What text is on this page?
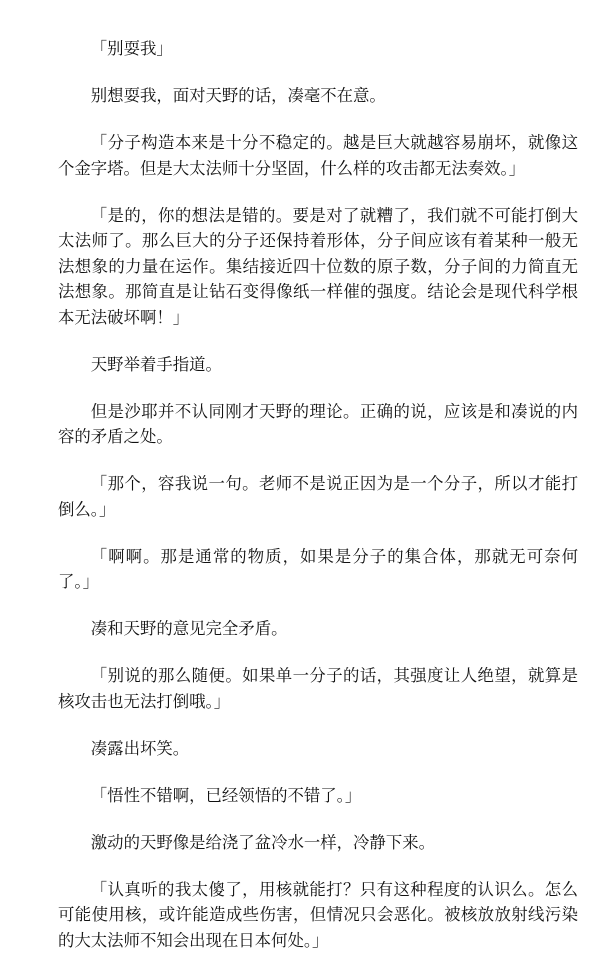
「别耍我」

别想耍我，面对天野的话，凑毫不在意。

「分子构造本来是十分不稳定的。越是巨大就越容易崩坏，就像这个金字塔。但是大太法师十分坚固，什么样的攻击都无法奏效。」

「是的，你的想法是错的。要是对了就糟了，我们就不可能打倒大太法师了。那么巨大的分子还保持着形体，分子间应该有着某种一般无法想象的力量在运作。集结接近四十位数的原子数，分子间的力简直无法想象。那简直是让钻石变得像纸一样催的强度。结论会是现代科学根本无法破坏啊！」

天野举着手指道。

但是沙耶并不认同刚才天野的理论。正确的说，应该是和凑说的内容的矛盾之处。

「那个，容我说一句。老师不是说正因为是一个分子，所以才能打倒么。」

「啊啊。那是通常的物质，如果是分子的集合体，那就无可奈何了。」

凑和天野的意见完全矛盾。

「别说的那么随便。如果单一分子的话，其强度让人绝望，就算是核攻击也无法打倒哦。」

凑露出坏笑。

「悟性不错啊，已经领悟的不错了。」

激动的天野像是给浇了盆冷水一样，冷静下来。

「认真听的我太傻了，用核就能打？只有这种程度的认识么。怎么可能使用核，或许能造成些伤害，但情况只会恶化。被核放放射线污染的大太法师不知会出现在日本何处。」
